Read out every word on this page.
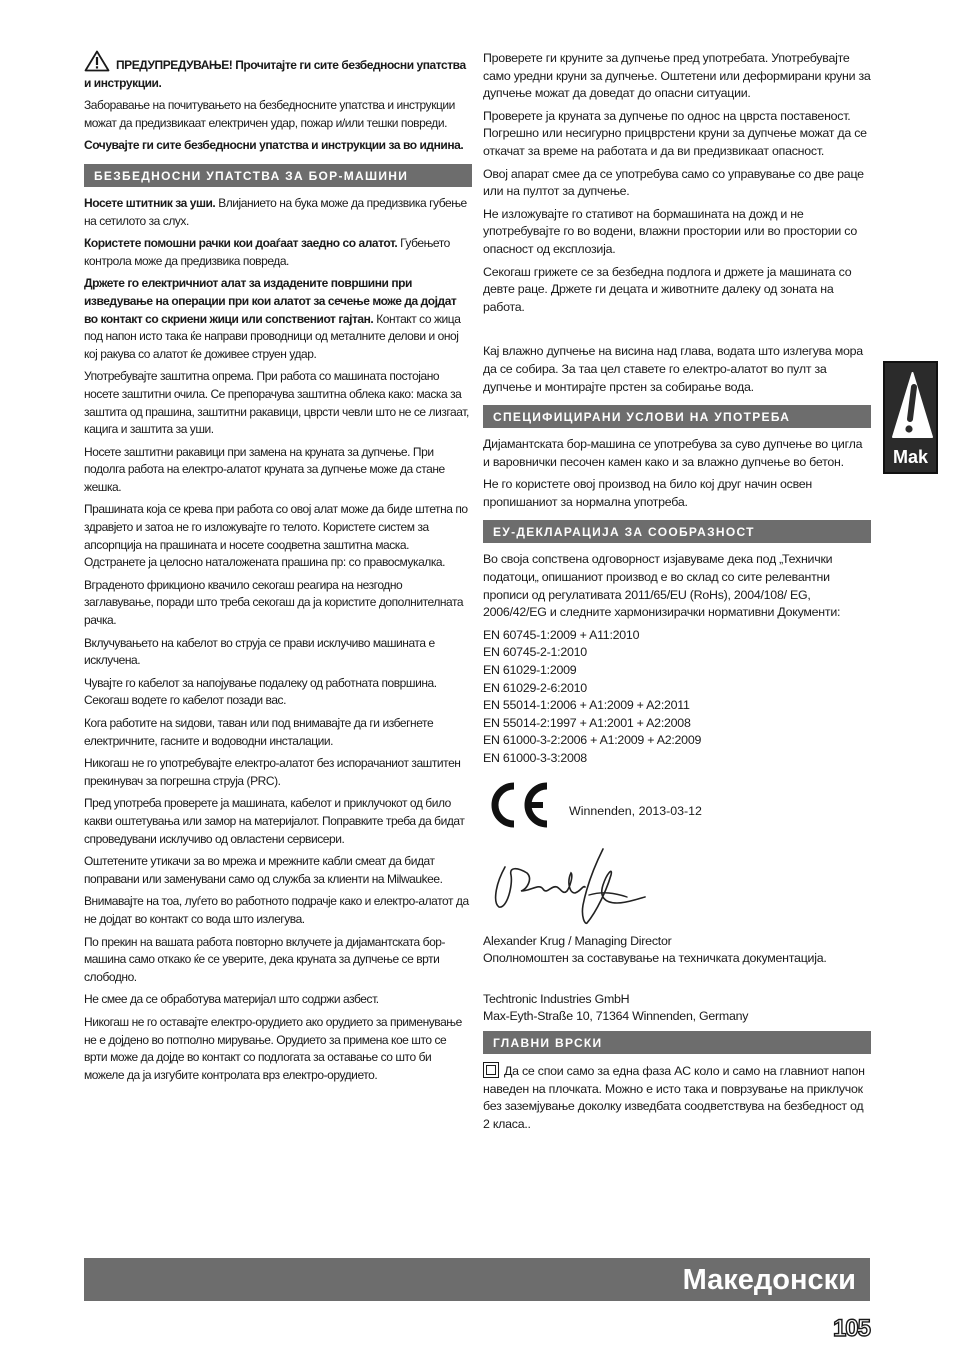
ПРЕДУПРЕДУВАЊЕ! Прочитајте ги сите безбедносни упатства и инструкции.

Заборавање на почитувањето на безбедносните упатства и инструкции можат да предизвикаат електричен удар, пожар и/или тешки повреди.

Сочувајте ги сите безбедносни упатства и инструкции за во иднина.

БЕЗБЕДНОСНИ УПАТСТВА ЗА БОР-МАШИНИ

Носете штитник за уши. Влијанието на бука може да предизвика губење на сетилото за слух.

Користете помошни рачки кои доаѓаат заедно со алатот. Губењето контрола може да предизвика повреда.

Држете го електричниот алат за издадените површини при изведување на операции при кои алатот за сечење може да дојдат во контакт со скриени жици или сопствениот гајтан. Контакт со жица под напон исто така ќе направи проводници од металните делови и оној кој ракува со алатот ќе доживее струен удар.

Употребувајте заштитна опрема. При работа со машината постојано носете заштитни очила. Се препорачува заштитна облека како: маска за заштита од прашина, заштитни ракавици, цврсти чевли што не се лизгаат, кацига и заштита за уши.

Носете заштитни ракавици при замена на круната за дупчење. При подолга работа на електро-алатот круната за дупчење може да стане жешка.

Прашината која се крева при работа со овој алат може да биде штетна по здравјето и затоа не го изложувајте го телото. Користете систем за апсорпција на прашината и носете соодветна заштитна маска. Одстранете ја целосно наталожената прашина пр: со правосмукалка.

Вграденото фрикционо квачило секогаш реагира на незгодно заглавување, поради што треба секогаш да ја користите дополнителната рачка.

Вклучувањето на кабелот во струја се прави исклучиво машината е исклучена.

Чувајте го кабелот за напојување подалеку од работната површина. Секогаш водете го кабелот позади вас.

Кога работите на ѕидови, таван или под внимавајте да ги избегнете електричните, гасните и водоводни инсталации.

Никогаш не го употребувајте електро-алатот без испорачаниот заштитен прекинувач за погрешна струја (PRC).

Пред употреба проверете ја машината, кабелот и приклучокот од било какви оштетувања или замор на материјалот. Поправките треба да бидат спроведувани исклучиво од овластени сервисери.

Оштетените утикачи за во мрежа и мрежните кабли смеат да бидат поправани или заменувани само од служба за клиенти на Milwaukee.

Внимавајте на тоа, луѓето во работното подрачје како и електро-алатот да не дојдат во контакт со вода што излегува.

По прекин на вашата работа повторно вклучете ја дијамантската бор-машина само откако ќе се уверите, дека круната за дупчење се врти слободно.

Не смее да се обработува материјал што содржи азбест.

Никогаш не го оставајте електро-орудието ако орудието за применување не е дојдено во потполно мирување. Орудието за примена кое што се врти може да дојде во контакт со подлогата за оставање со што би можеле да ја изгубите контролата врз електро-орудието.

Проверете ги круните за дупчење пред употребата. Употребувајте само уредни круни за дупчење. Оштетени или деформирани круни за дупчење можат да доведат до опасни ситуации.

Проверете ја круната за дупчење по однос на цврста поставеност. Погрешно или несигурно прицврстени круни за дупчење можат да се откачат за време на работата и да ви предизвикаат опасност.

Овој апарат смее да се употребува само со управување со две раце или на пултот за дупчење.

Не изложувајте го стативот на бормашината на дожд и не употребувајте го во водени, влажни простории или во простории со опасност од експлозија.

Секогаш грижете се за безбедна подлога и држете ја машината со девте раце. Држете ги децата и животните далеку од зоната на работа.

Кај влажно дупчење на висина над глава, водата што излегува мора да се собира. За таа цел ставете го електро-алатот во пулт за дупчење и монтирајте прстен за собирање вода.

СПЕЦИФИЦИРАНИ УСЛОВИ НА УПОТРЕБА

Дијамантската бор-машина се употребува за суво дупчење во цигла и варовнички песочен камен како и за влажно дупчење во бетон.

Не го користете овој производ на било кој друг начин освен пропишаниот за нормална употреба.

ЕУ-ДЕКЛАРАЦИЈА ЗА СООБРАЗНОСТ

Во своја сопствена одговорност изјавуваме дека под „Технички податоци„ опишаниот производ е во склад со сите релевантни прописи од регулативата 2011/65/EU (RoHs), 2004/108/ EG, 2006/42/EG и следните хармонизирачки нормативни Документи:

EN 60745-1:2009 + A11:2010

EN 60745-2-1:2010

EN 61029-1:2009

EN 61029-2-6:2010

EN 55014-1:2006 + A1:2009 + A2:2011

EN 55014-2:1997 + A1:2001 + A2:2008

EN 61000-3-2:2006 + A1:2009 + A2:2009

EN 61000-3-3:2008

Winnenden, 2013-03-12

Alexander Krug / Managing Director

Ополномоштен за составување на техничката документација.

Techtronic Industries GmbH

Max-Eyth-Straße 10, 71364 Winnenden, Germany

ГЛАВНИ ВРСКИ

Да се спои само за една фаза AC коло и само на главниот напон наведен на плочката. Можно е исто така и поврзување на приклучок без заземјување доколку изведбата соодветствува на безбедност од 2 класа..

Mak
Македонски
105
